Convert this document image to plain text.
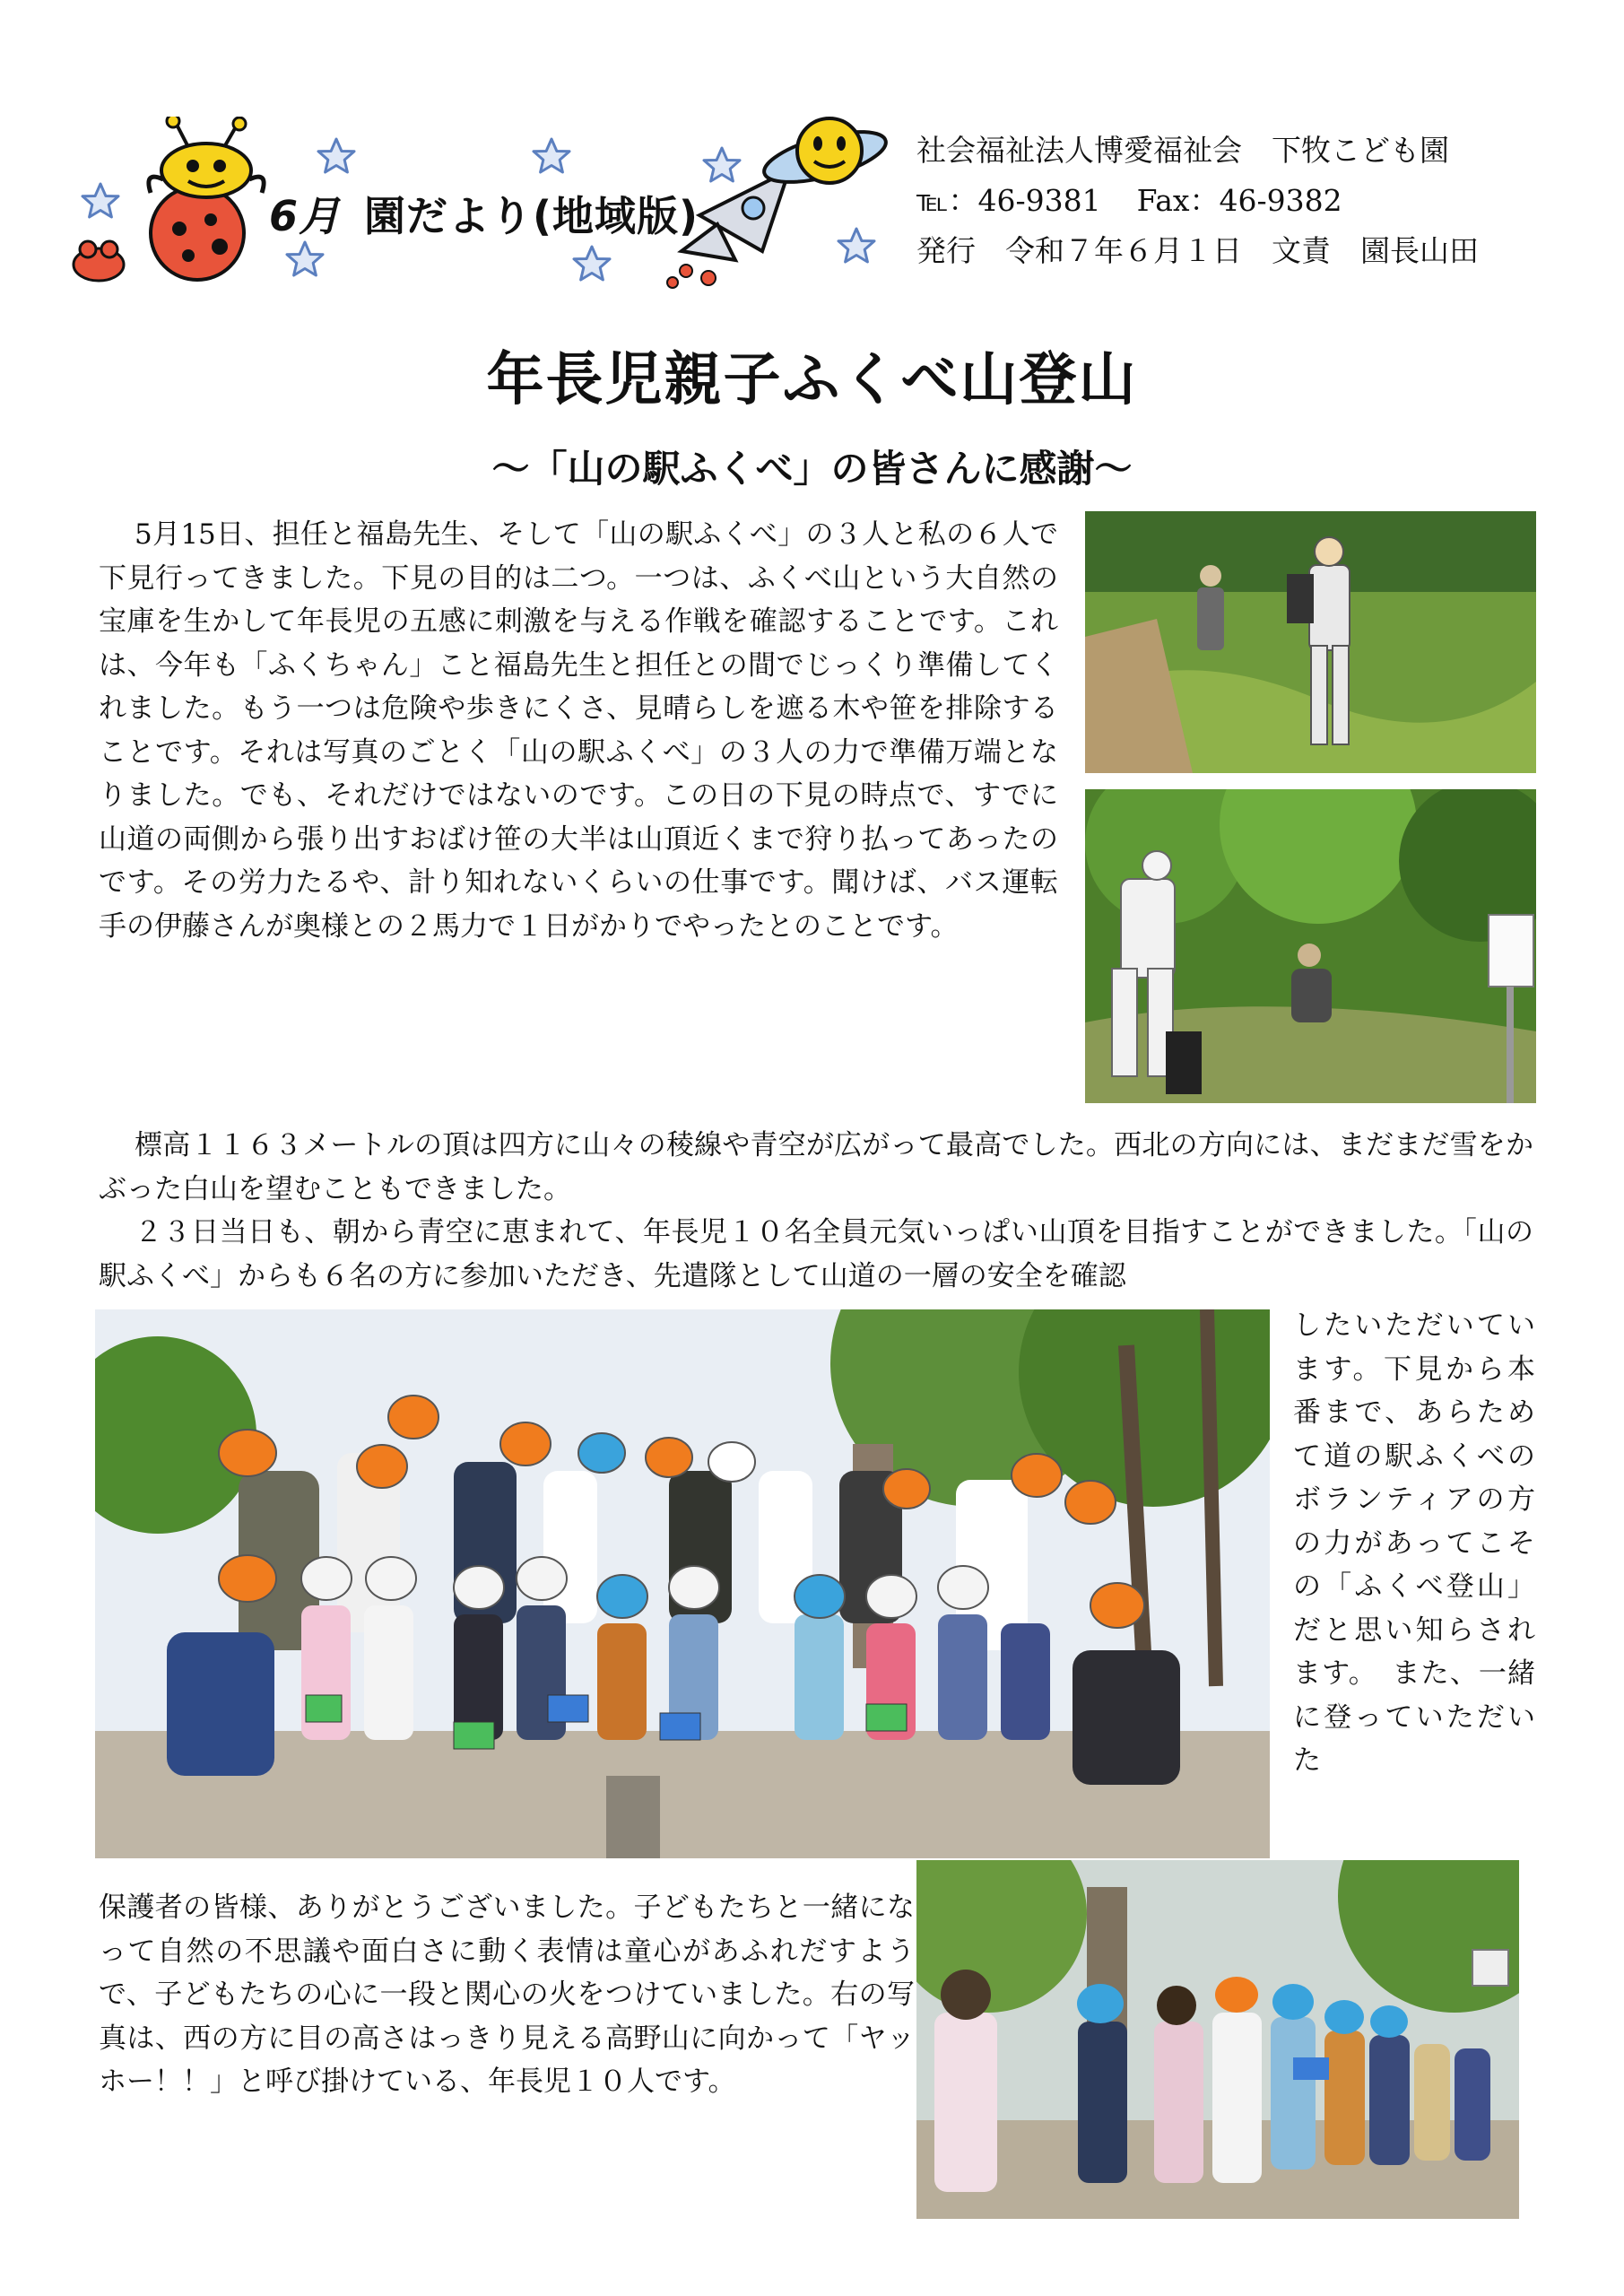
6月 園だより(地域版)
社会福祉法人博愛福祉会　下牧こども園
℡：46-9381 Fax：46-9382
発行　令和７年６月１日　文責　園長山田
年長児親子ふくべ山登山
～「山の駅ふくべ」の皆さんに感謝～

5月15日、担任と福島先生、そして「山の駅ふくべ」の３人と私の６人で下見行ってきました。下見の目的は二つ。一つは、ふくべ山という大自然の宝庫を生かして年長児の五感に刺激を与える作戦を確認することです。これは、今年も「ふくちゃん」こと福島先生と担任との間でじっくり準備してくれました。もう一つは危険や歩きにくさ、見晴らしを遮る木や笹を排除することです。それは写真のごとく「山の駅ふくべ」の３人の力で準備万端となりました。でも、それだけではないのです。この日の下見の時点で、すでに山道の両側から張り出すおばけ笹の大半は山頂近くまで狩り払ってあったのです。その労力たるや、計り知れないくらいの仕事です。聞けば、バス運転手の伊藤さんが奥様との２馬力で１日がかりでやったとのことです。

標高１１６３メートルの頂は四方に山々の稜線や青空が広がって最高でした。西北の方向には、まだまだ雪をかぶった白山を望むこともできました。
２３日当日も、朝から青空に恵まれて、年長児１０名全員元気いっぱい山頂を目指すことができました。「山の駅ふくべ」からも６名の方に参加いただき、先遣隊として山道の一層の安全を確認
したいただいています。下見から本番まで、あらためて道の駅ふくべのボランティアの方の力があってこその「ふくべ登山」だと思い知らされます。　また、一緒に登っていただいた
保護者の皆様、ありがとうございました。子どもたちと一緒になって自然の不思議や面白さに動く表情は童心があふれだすようで、子どもたちの心に一段と関心の火をつけていました。右の写真は、西の方に目の高さはっきり見える高野山に向かって「ヤッホー！！」と呼び掛けている、年長児１０人です。
